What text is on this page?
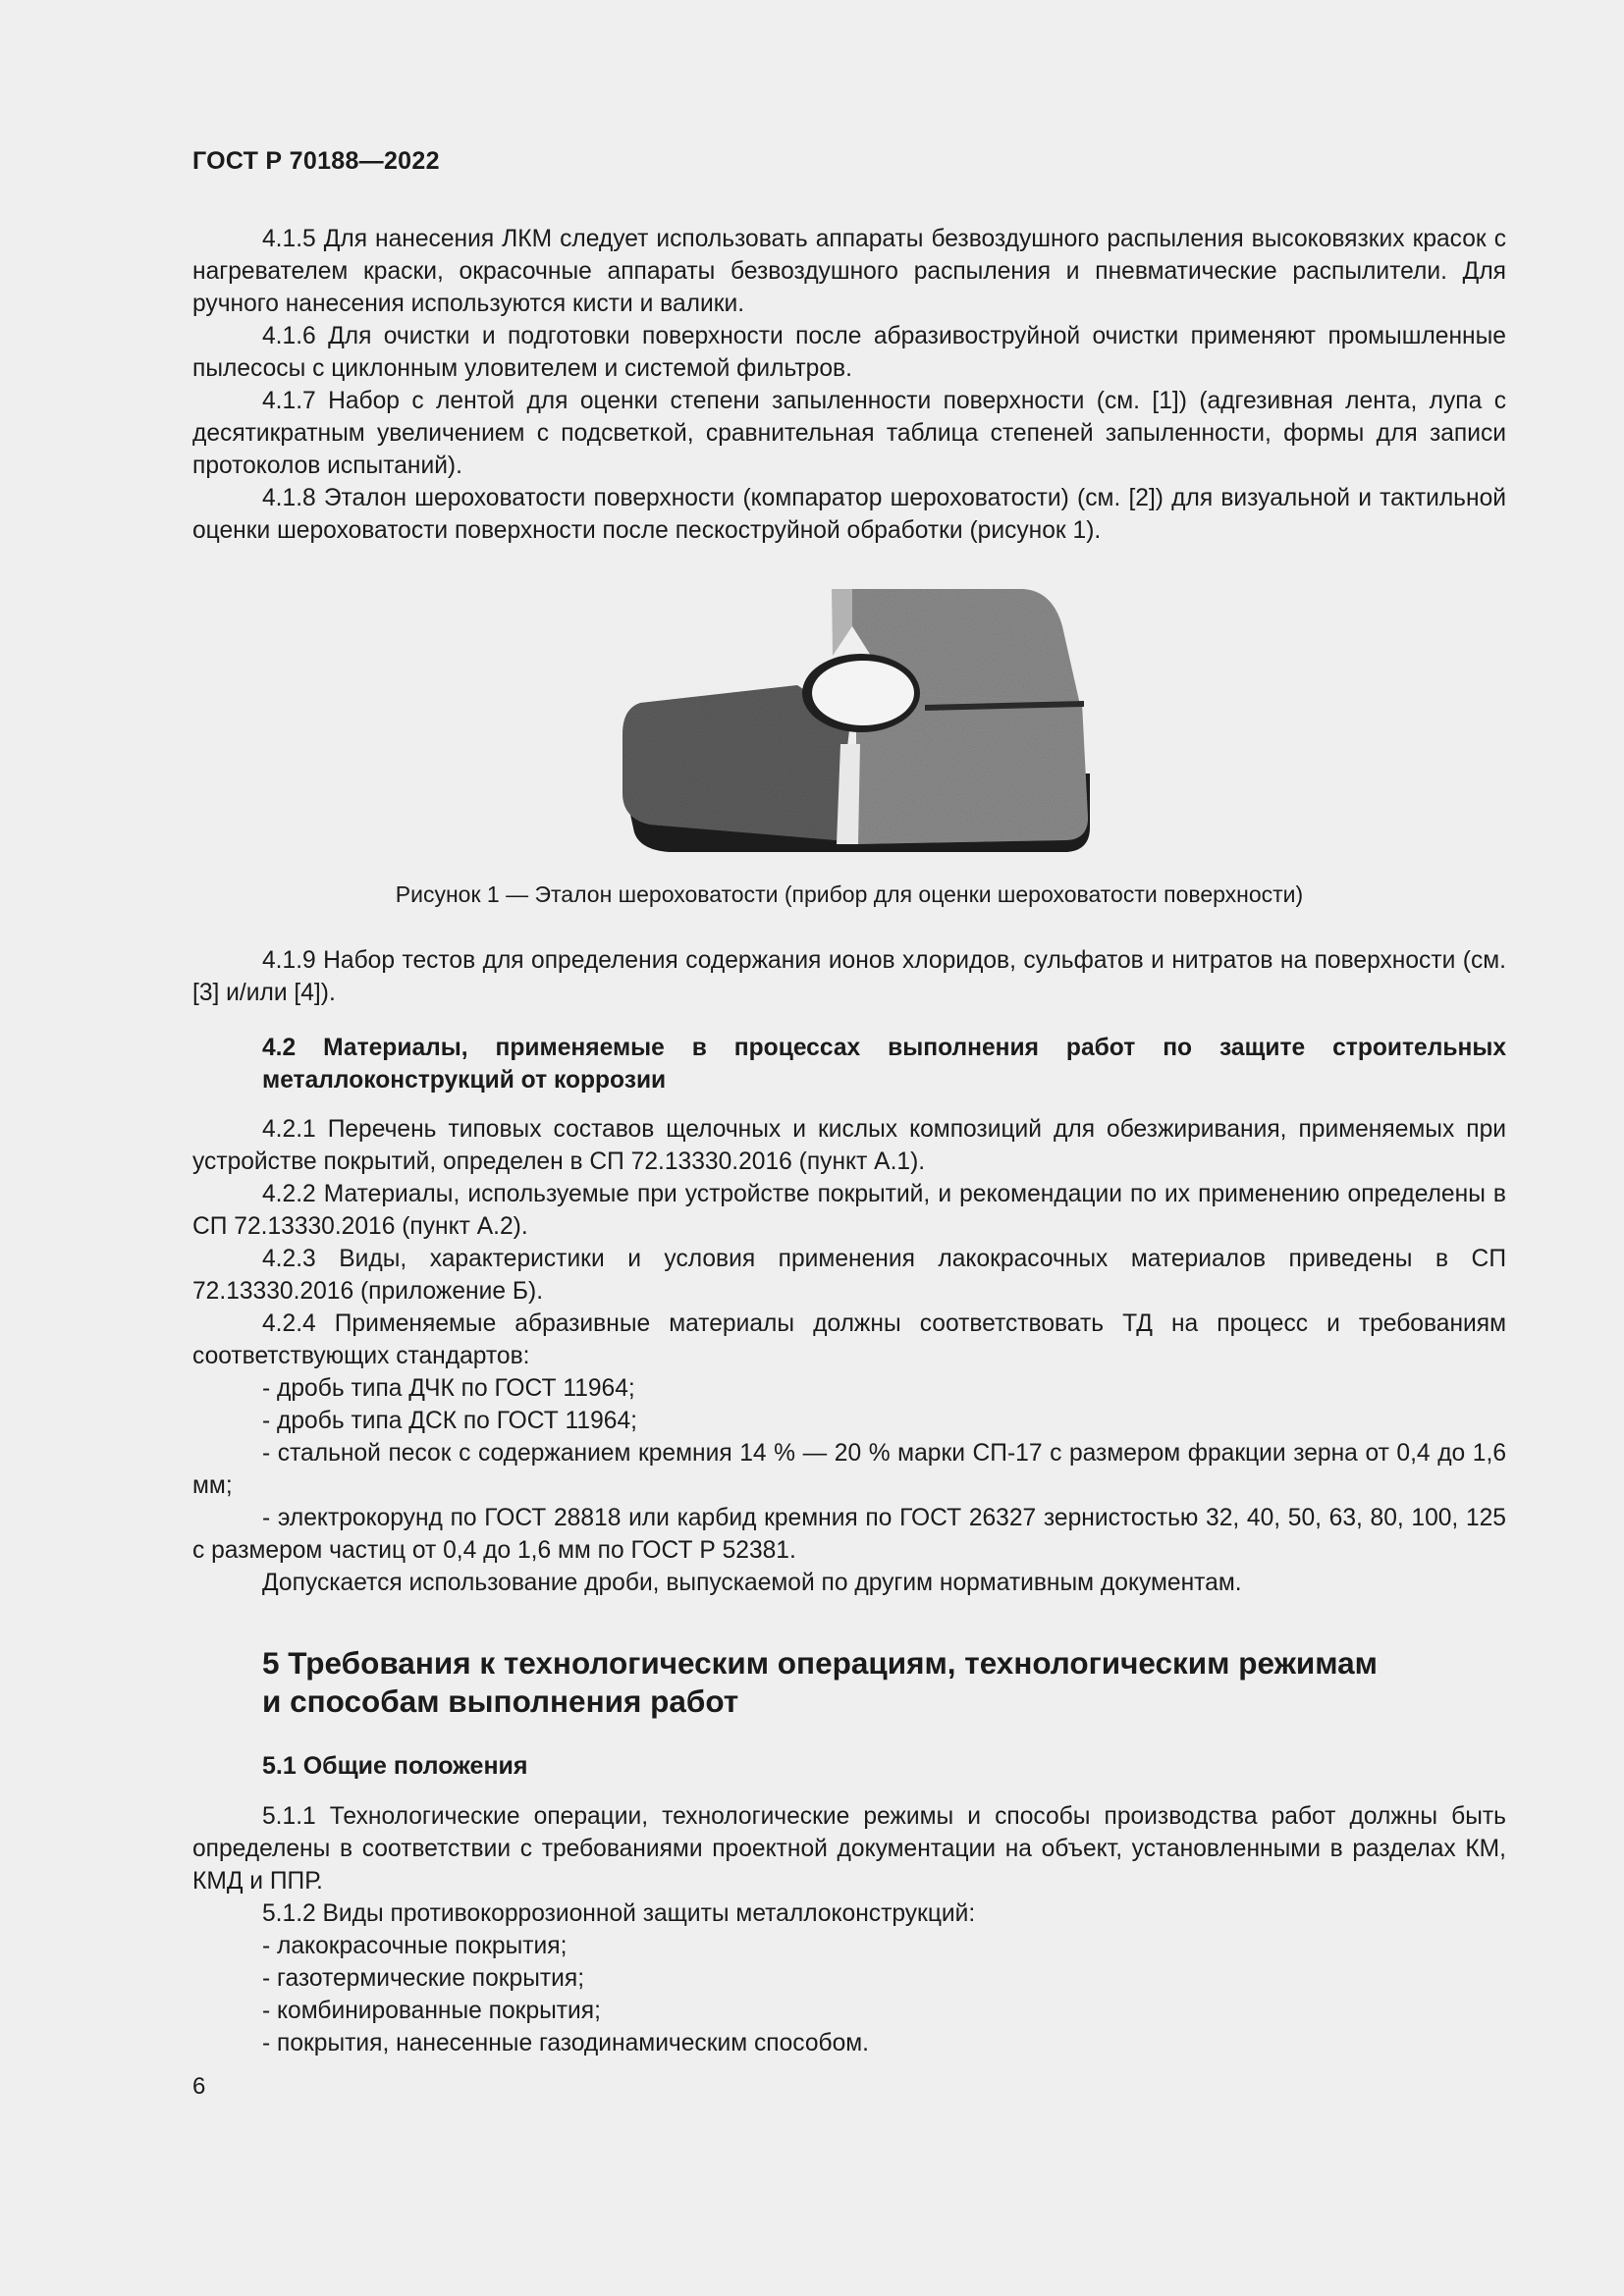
ГОСТ Р 70188—2022

4.1.5 Для нанесения ЛКМ следует использовать аппараты безвоздушного распыления высоковязких красок с нагревателем краски, окрасочные аппараты безвоздушного распыления и пневматические распылители. Для ручного нанесения используются кисти и валики.

4.1.6 Для очистки и подготовки поверхности после абразивоструйной очистки применяют промышленные пылесосы с циклонным уловителем и системой фильтров.

4.1.7 Набор с лентой для оценки степени запыленности поверхности (см. [1]) (адгезивная лента, лупа с десятикратным увеличением с подсветкой, сравнительная таблица степеней запыленности, формы для записи протоколов испытаний).

4.1.8 Эталон шероховатости поверхности (компаратор шероховатости) (см. [2]) для визуальной и тактильной оценки шероховатости поверхности после пескоструйной обработки (рисунок 1).

Рисунок 1 — Эталон шероховатости (прибор для оценки шероховатости поверхности)

4.1.9 Набор тестов для определения содержания ионов хлоридов, сульфатов и нитратов на поверхности (см. [3] и/или [4]).

4.2 Материалы, применяемые в процессах выполнения работ по защите строительных металлоконструкций от коррозии

4.2.1 Перечень типовых составов щелочных и кислых композиций для обезжиривания, применяемых при устройстве покрытий, определен в СП 72.13330.2016 (пункт А.1).

4.2.2 Материалы, используемые при устройстве покрытий, и рекомендации по их применению определены в СП 72.13330.2016 (пункт А.2).

4.2.3 Виды, характеристики и условия применения лакокрасочных материалов приведены в СП 72.13330.2016 (приложение Б).

4.2.4 Применяемые абразивные материалы должны соответствовать ТД на процесс и требованиям соответствующих стандартов:

- дробь типа ДЧК по ГОСТ 11964;

- дробь типа ДСК по ГОСТ 11964;

- стальной песок с содержанием кремния 14 % — 20 % марки СП-17 с размером фракции зерна от 0,4 до 1,6 мм;

- электрокорунд по ГОСТ 28818 или карбид кремния по ГОСТ 26327 зернистостью 32, 40, 50, 63, 80, 100, 125 с размером частиц от 0,4 до 1,6 мм по ГОСТ Р 52381.

Допускается использование дроби, выпускаемой по другим нормативным документам.

5 Требования к технологическим операциям, технологическим режимам
и способам выполнения работ
5.1 Общие положения

5.1.1 Технологические операции, технологические режимы и способы производства работ должны быть определены в соответствии с требованиями проектной документации на объект, установленными в разделах КМ, КМД и ППР.

5.1.2 Виды противокоррозионной защиты металлоконструкций:

- лакокрасочные покрытия;

- газотермические покрытия;

- комбинированные покрытия;

- покрытия, нанесенные газодинамическим способом.

6
